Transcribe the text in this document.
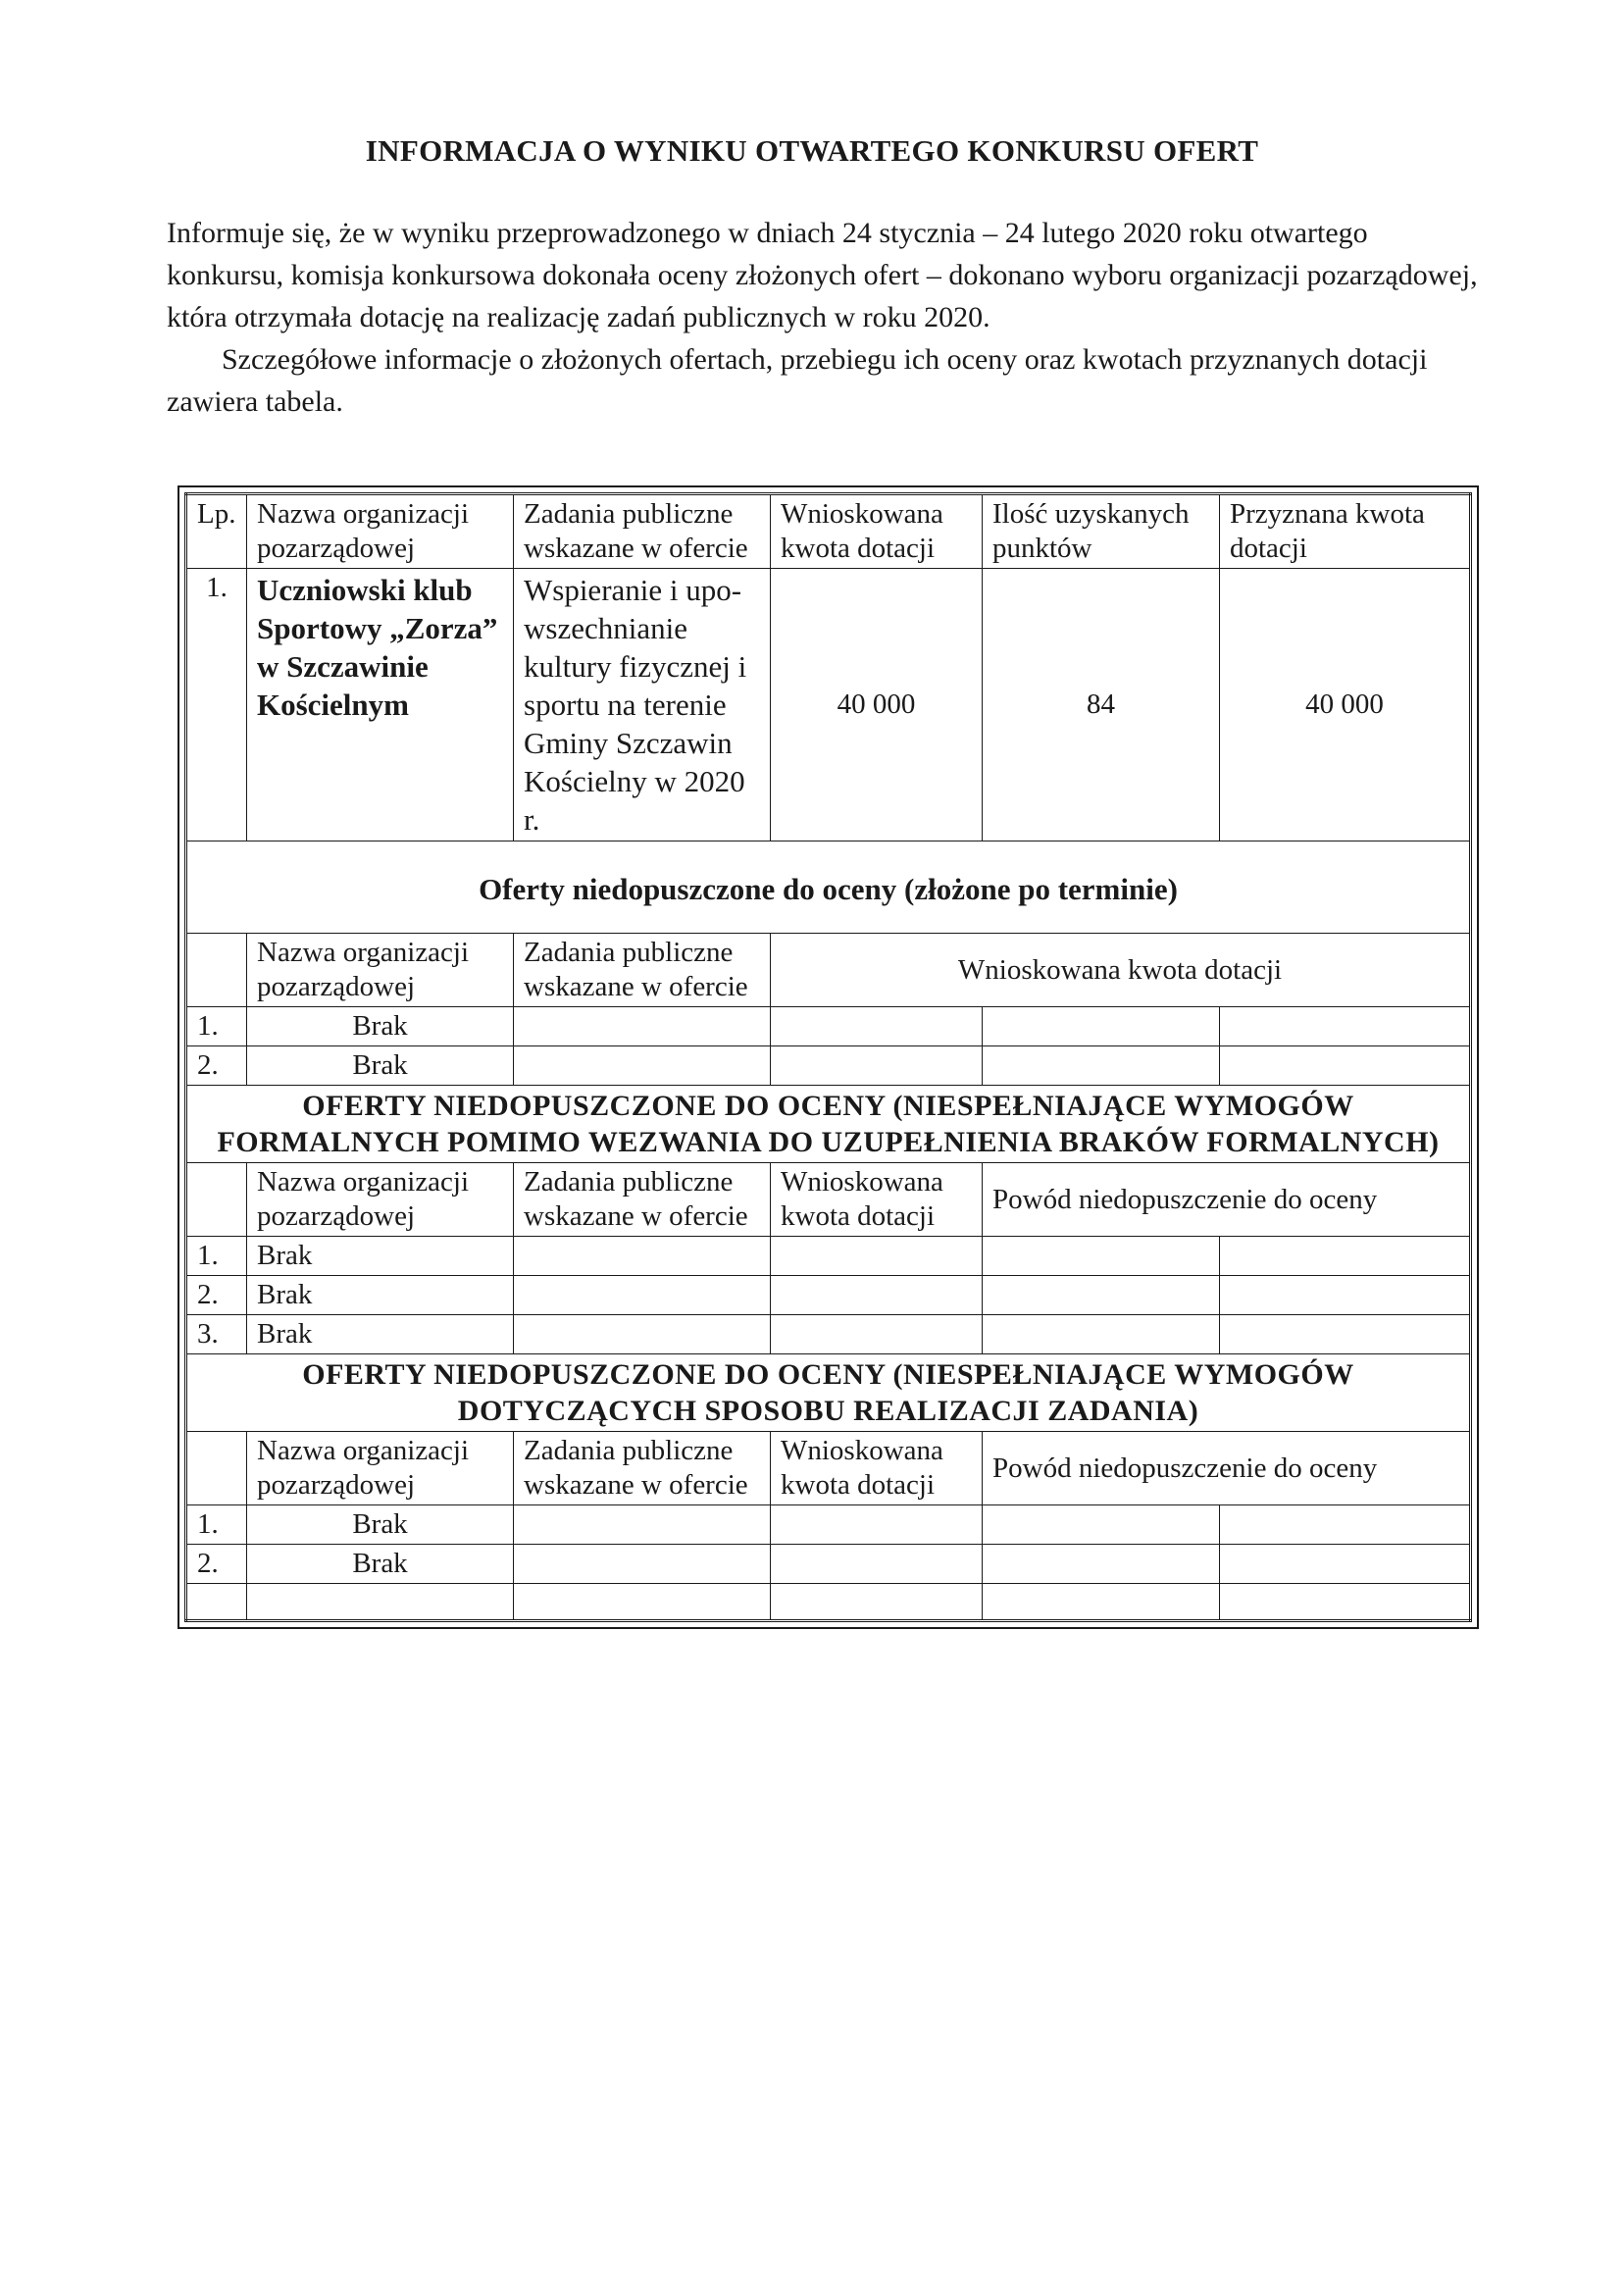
INFORMACJA O WYNIKU OTWARTEGO KONKURSU OFERT

Informuje się, że w wyniku przeprowadzonego w dniach 24 stycznia – 24 lutego 2020 roku otwartego konkursu, komisja konkursowa dokonała oceny złożonych ofert – dokonano wyboru organizacji pozarządowej, która otrzymała dotację na realizację zadań publicznych w roku 2020.

Szczegółowe informacje o złożonych ofertach, przebiegu ich oceny oraz kwotach przyznanych dotacji zawiera tabela.

Lp.	Nazwa organizacji pozarządowej	Zadania publiczne wskazane w ofercie	Wnioskowana kwota dotacji	Ilość uzyskanych punktów	Przyznana kwota dotacji
1.	Uczniowski klub Sportowy „Zorza” w Szczawinie Kościelnym	Wspieranie i upo-wszechnianie kultury fizycznej i sportu na terenie Gminy Szczawin Kościelny w 2020 r.	40 000	84	40 000
Oferty niedopuszczone do oceny (złożone po terminie)					
	Nazwa organizacji pozarządowej	Zadania publiczne wskazane w ofercie	Wnioskowana kwota dotacji		
1.	Brak				
2.	Brak				
OFERTY NIEDOPUSZCZONE DO OCENY (NIESPEŁNIAJĄCE WYMOGÓW FORMALNYCH POMIMO WEZWANIA DO UZUPEŁNIENIA BRAKÓW FORMALNYCH)					
	Nazwa organizacji pozarządowej	Zadania publiczne wskazane w ofercie	Wnioskowana kwota dotacji	Powód niedopuszczenie do oceny	
1.	Brak				
2.	Brak				
3.	Brak				
OFERTY NIEDOPUSZCZONE DO OCENY (NIESPEŁNIAJĄCE WYMOGÓW DOTYCZĄCYCH SPOSOBU REALIZACJI ZADANIA)					
	Nazwa organizacji pozarządowej	Zadania publiczne wskazane w ofercie	Wnioskowana kwota dotacji	Powód niedopuszczenie do oceny	
1.	Brak				
2.	Brak				
